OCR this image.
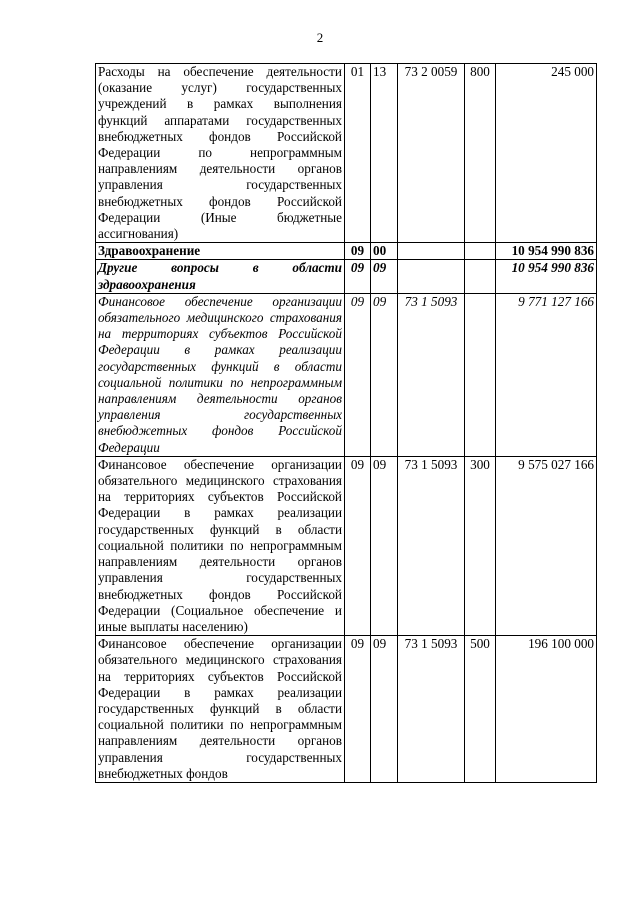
2
Расходы на обеспечение деятельности (оказание услуг) государственных учреждений в рамках выполнения функций аппаратами государственных внебюджетных фондов Российской Федерации по непрограммным направлениям деятельности органов управления государственных внебюджетных фондов Российской Федерации (Иные бюджетные ассигнования)	01	13	73 2 0059	800	245 000
Здравоохранение	09	00			10 954 990 836
Другие вопросы в области здравоохранения	09	09			10 954 990 836
Финансовое обеспечение организации обязательного медицинского страхования на территориях субъектов Российской Федерации в рамках реализации государственных функций в области социальной политики по непрограммным направлениям деятельности органов управления государственных внебюджетных фондов Российской Федерации	09	09	73 1 5093		9 771 127 166
Финансовое обеспечение организации обязательного медицинского страхования на территориях субъектов Российской Федерации в рамках реализации государственных функций в области социальной политики по непрограммным направлениям деятельности органов управления государственных внебюджетных фондов Российской Федерации (Социальное обеспечение и иные выплаты населению)	09	09	73 1 5093	300	9 575 027 166
Финансовое обеспечение организации обязательного медицинского страхования на территориях субъектов Российской Федерации в рамках реализации государственных функций в области социальной политики по непрограммным направлениям деятельности органов управления государственных внебюджетных фондов	09	09	73 1 5093	500	196 100 000
